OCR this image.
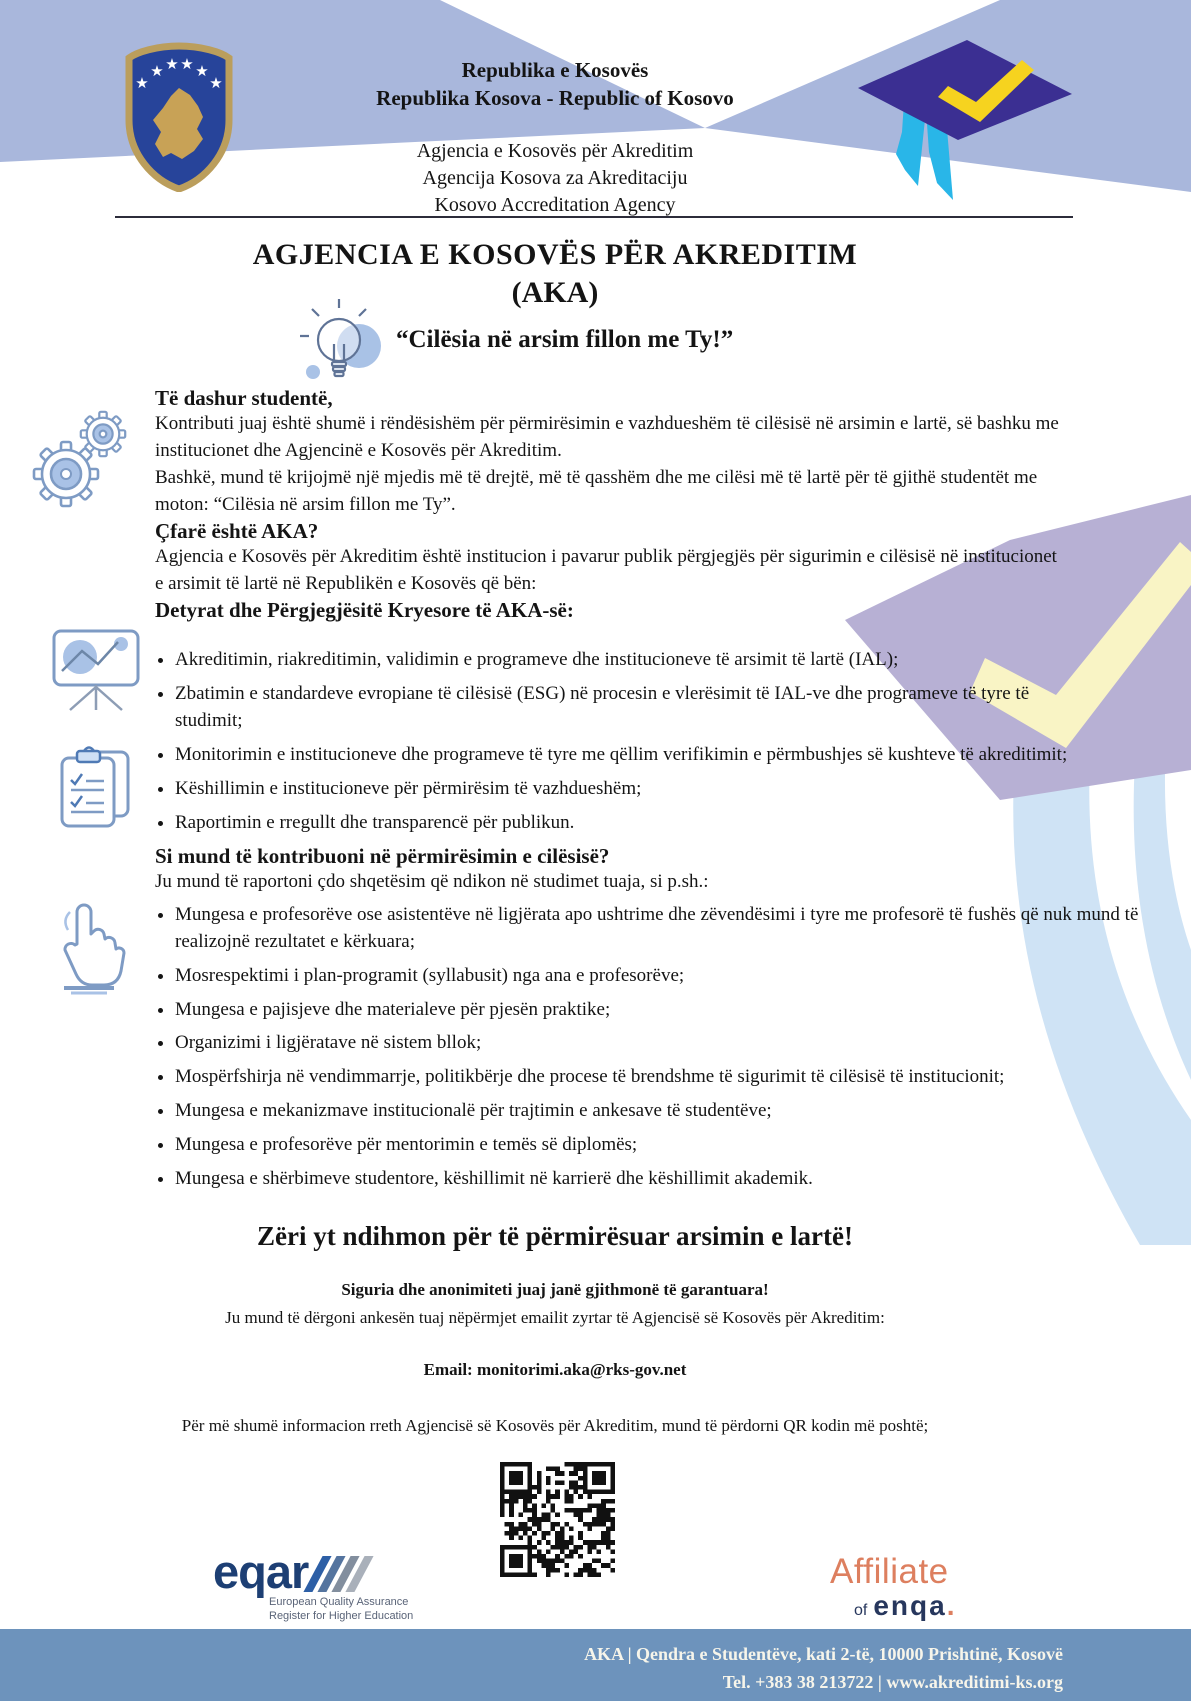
★
★ ★ ★ ★
★
Republika e Kosovës
Republika Kosova - Republic of Kosovo
Agjencia e Kosovës për Akreditim
Agencija Kosova za Akreditaciju
Kosovo Accreditation Agency
AGJENCIA E KOSOVËS PËR AKREDITIM
(AKA)
“Cilësia në arsim fillon me Ty!”
Të dashur studentë,

Kontributi juaj është shumë i rëndësishëm për përmirësimin e vazhdueshëm të cilësisë në arsimin e lartë, së bashku me institucionet dhe Agjencinë e Kosovës për Akreditim.

Bashkë, mund të krijojmë një mjedis më të drejtë, më të qasshëm dhe me cilësi më të lartë për të gjithë studentët me moton: “Cilësia në arsim fillon me Ty”.

Çfarë është AKA?

Agjencia e Kosovës për Akreditim është institucion i pavarur publik përgjegjës për sigurimin e cilësisë në institucionet e arsimit të lartë në Republikën e Kosovës që bën:

Detyrat dhe Përgjegjësitë Kryesore të AKA-së:
• Akreditimin, riakreditimin, validimin e programeve dhe institucioneve të arsimit të lartë (IAL);
• Zbatimin e standardeve evropiane të cilësisë (ESG) në procesin e vlerësimit të IAL-ve dhe programeve të tyre të studimit;
• Monitorimin e institucioneve dhe programeve të tyre me qëllim verifikimin e përmbushjes së kushteve të akreditimit;
• Këshillimin e institucioneve për përmirësim të vazhdueshëm;
• Raportimin e rregullt dhe transparencë për publikun.
Si mund të kontribuoni në përmirësimin e cilësisë?

Ju mund të raportoni çdo shqetësim që ndikon në studimet tuaja, si p.sh.:

• Mungesa e profesorëve ose asistentëve në ligjërata apo ushtrime dhe zëvendësimi i tyre me profesorë të fushës që nuk mund të realizojnë rezultatet e kërkuara;
• Mosrespektimi i plan-programit (syllabusit) nga ana e profesorëve;
• Mungesa e pajisjeve dhe materialeve për pjesën praktike;
• Organizimi i ligjëratave në sistem bllok;
• Mospërfshirja në vendimmarrje, politikbërje dhe procese të brendshme të sigurimit të cilësisë të institucionit;
• Mungesa e mekanizmave institucionalë për trajtimin e ankesave të studentëve;
• Mungesa e profesorëve për mentorimin e temës së diplomës;
• Mungesa e shërbimeve studentore, këshillimit në karrierë dhe këshillimit akademik.
Zëri yt ndihmon për të përmirësuar arsimin e lartë!
Siguria dhe anonimiteti juaj janë gjithmonë të garantuara!
Ju mund të dërgoni ankesën tuaj nëpërmjet emailit zyrtar të Agjencisë së Kosovës për Akreditim:
Email: monitorimi.aka@rks-gov.net
Për më shumë informacion rreth Agjencisë së Kosovës për Akreditim, mund të përdorni QR kodin më poshtë;
eqar
European Quality Assurance
Register for Higher Education
Affiliate
of enqa .
AKA | Qendra e Studentëve, kati 2-të, 10000 Prishtinë, Kosovë
Tel. +383 38 213722 | www.akreditimi-ks.org
